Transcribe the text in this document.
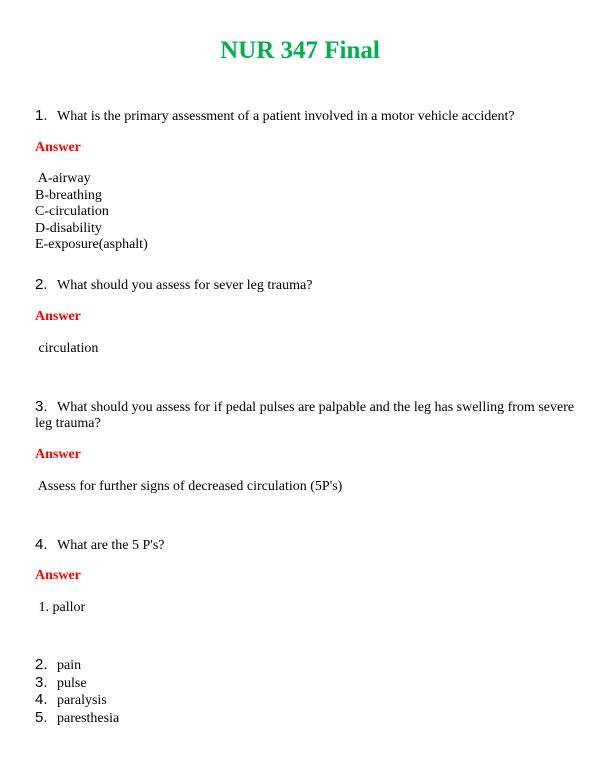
NUR 347 Final
1. What is the primary assessment of a patient involved in a motor vehicle accident?
Answer
A-airway
B-breathing
C-circulation
D-disability
E-exposure(asphalt)
2. What should you assess for sever leg trauma?
Answer
circulation
3. What should you assess for if pedal pulses are palpable and the leg has swelling from severe leg trauma?
Answer
Assess for further signs of decreased circulation (5P's)
4. What are the 5 P's?
Answer
1. pallor
2. pain
3. pulse
4. paralysis
5. paresthesia
